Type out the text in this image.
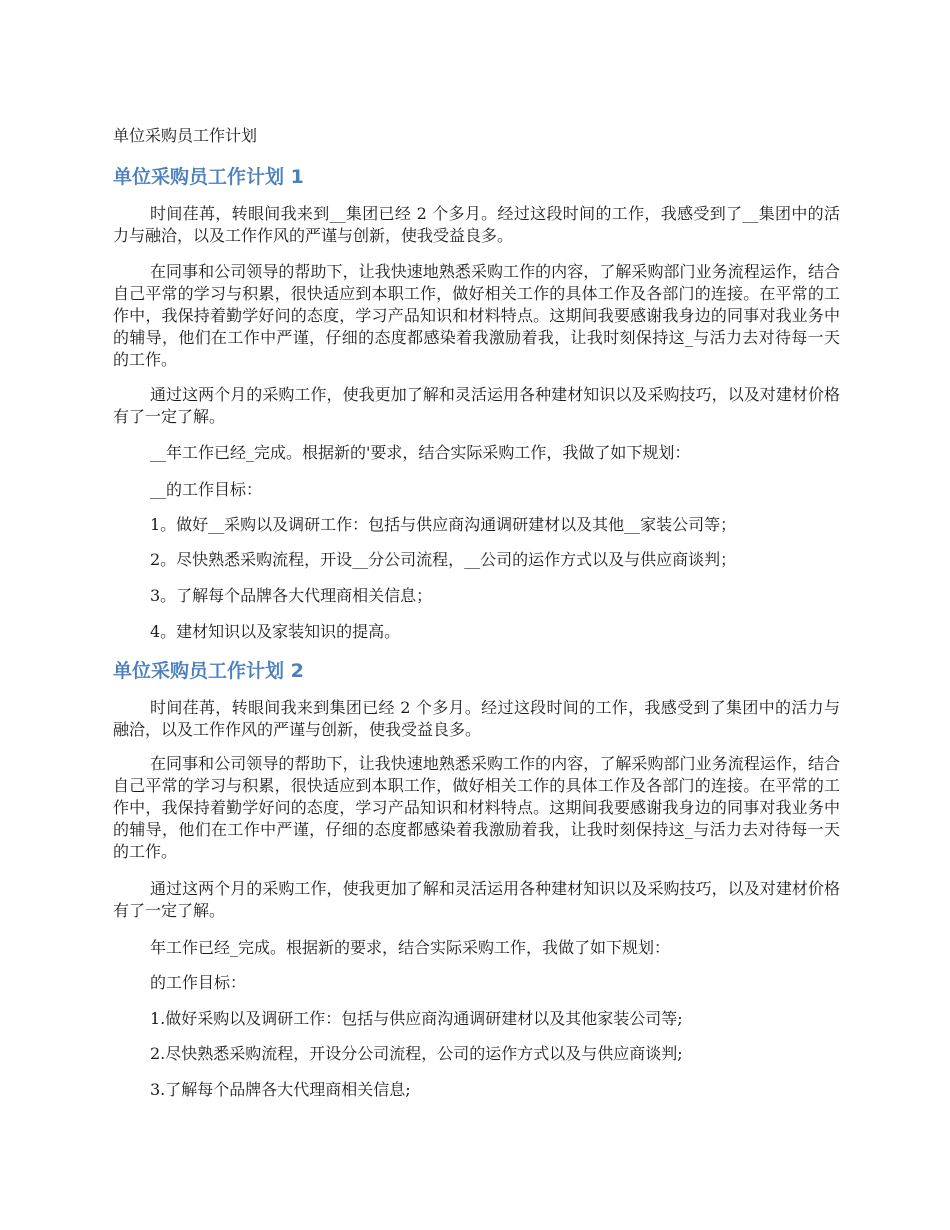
单位采购员工作计划
单位采购员工作计划 1

时间荏苒，转眼间我来到__集团已经 2 个多月。经过这段时间的工作，我感受到了__集团中的活力与融洽，以及工作作风的严谨与创新，使我受益良多。

在同事和公司领导的帮助下，让我快速地熟悉采购工作的内容，了解采购部门业务流程运作，结合自己平常的学习与积累，很快适应到本职工作，做好相关工作的具体工作及各部门的连接。在平常的工作中，我保持着勤学好问的态度，学习产品知识和材料特点。这期间我要感谢我身边的同事对我业务中的辅导，他们在工作中严谨，仔细的态度都感染着我激励着我，让我时刻保持这_与活力去对待每一天的工作。

通过这两个月的采购工作，使我更加了解和灵活运用各种建材知识以及采购技巧，以及对建材价格有了一定了解。

__年工作已经_完成。根据新的'要求，结合实际采购工作，我做了如下规划：
__的工作目标：
1。做好__采购以及调研工作：包括与供应商沟通调研建材以及其他__家装公司等；
2。尽快熟悉采购流程，开设__分公司流程，__公司的运作方式以及与供应商谈判；
3。了解每个品牌各大代理商相关信息；
4。建材知识以及家装知识的提高。
单位采购员工作计划 2

时间荏苒，转眼间我来到集团已经 2 个多月。经过这段时间的工作，我感受到了集团中的活力与融洽，以及工作作风的严谨与创新，使我受益良多。

在同事和公司领导的帮助下，让我快速地熟悉采购工作的内容，了解采购部门业务流程运作，结合自己平常的学习与积累，很快适应到本职工作，做好相关工作的具体工作及各部门的连接。在平常的工作中，我保持着勤学好问的态度，学习产品知识和材料特点。这期间我要感谢我身边的同事对我业务中的辅导，他们在工作中严谨，仔细的态度都感染着我激励着我，让我时刻保持这_与活力去对待每一天的工作。

通过这两个月的采购工作，使我更加了解和灵活运用各种建材知识以及采购技巧，以及对建材价格有了一定了解。

年工作已经_完成。根据新的要求，结合实际采购工作，我做了如下规划：
的工作目标：
1.做好采购以及调研工作：包括与供应商沟通调研建材以及其他家装公司等;
2.尽快熟悉采购流程，开设分公司流程，公司的运作方式以及与供应商谈判;
3.了解每个品牌各大代理商相关信息;
